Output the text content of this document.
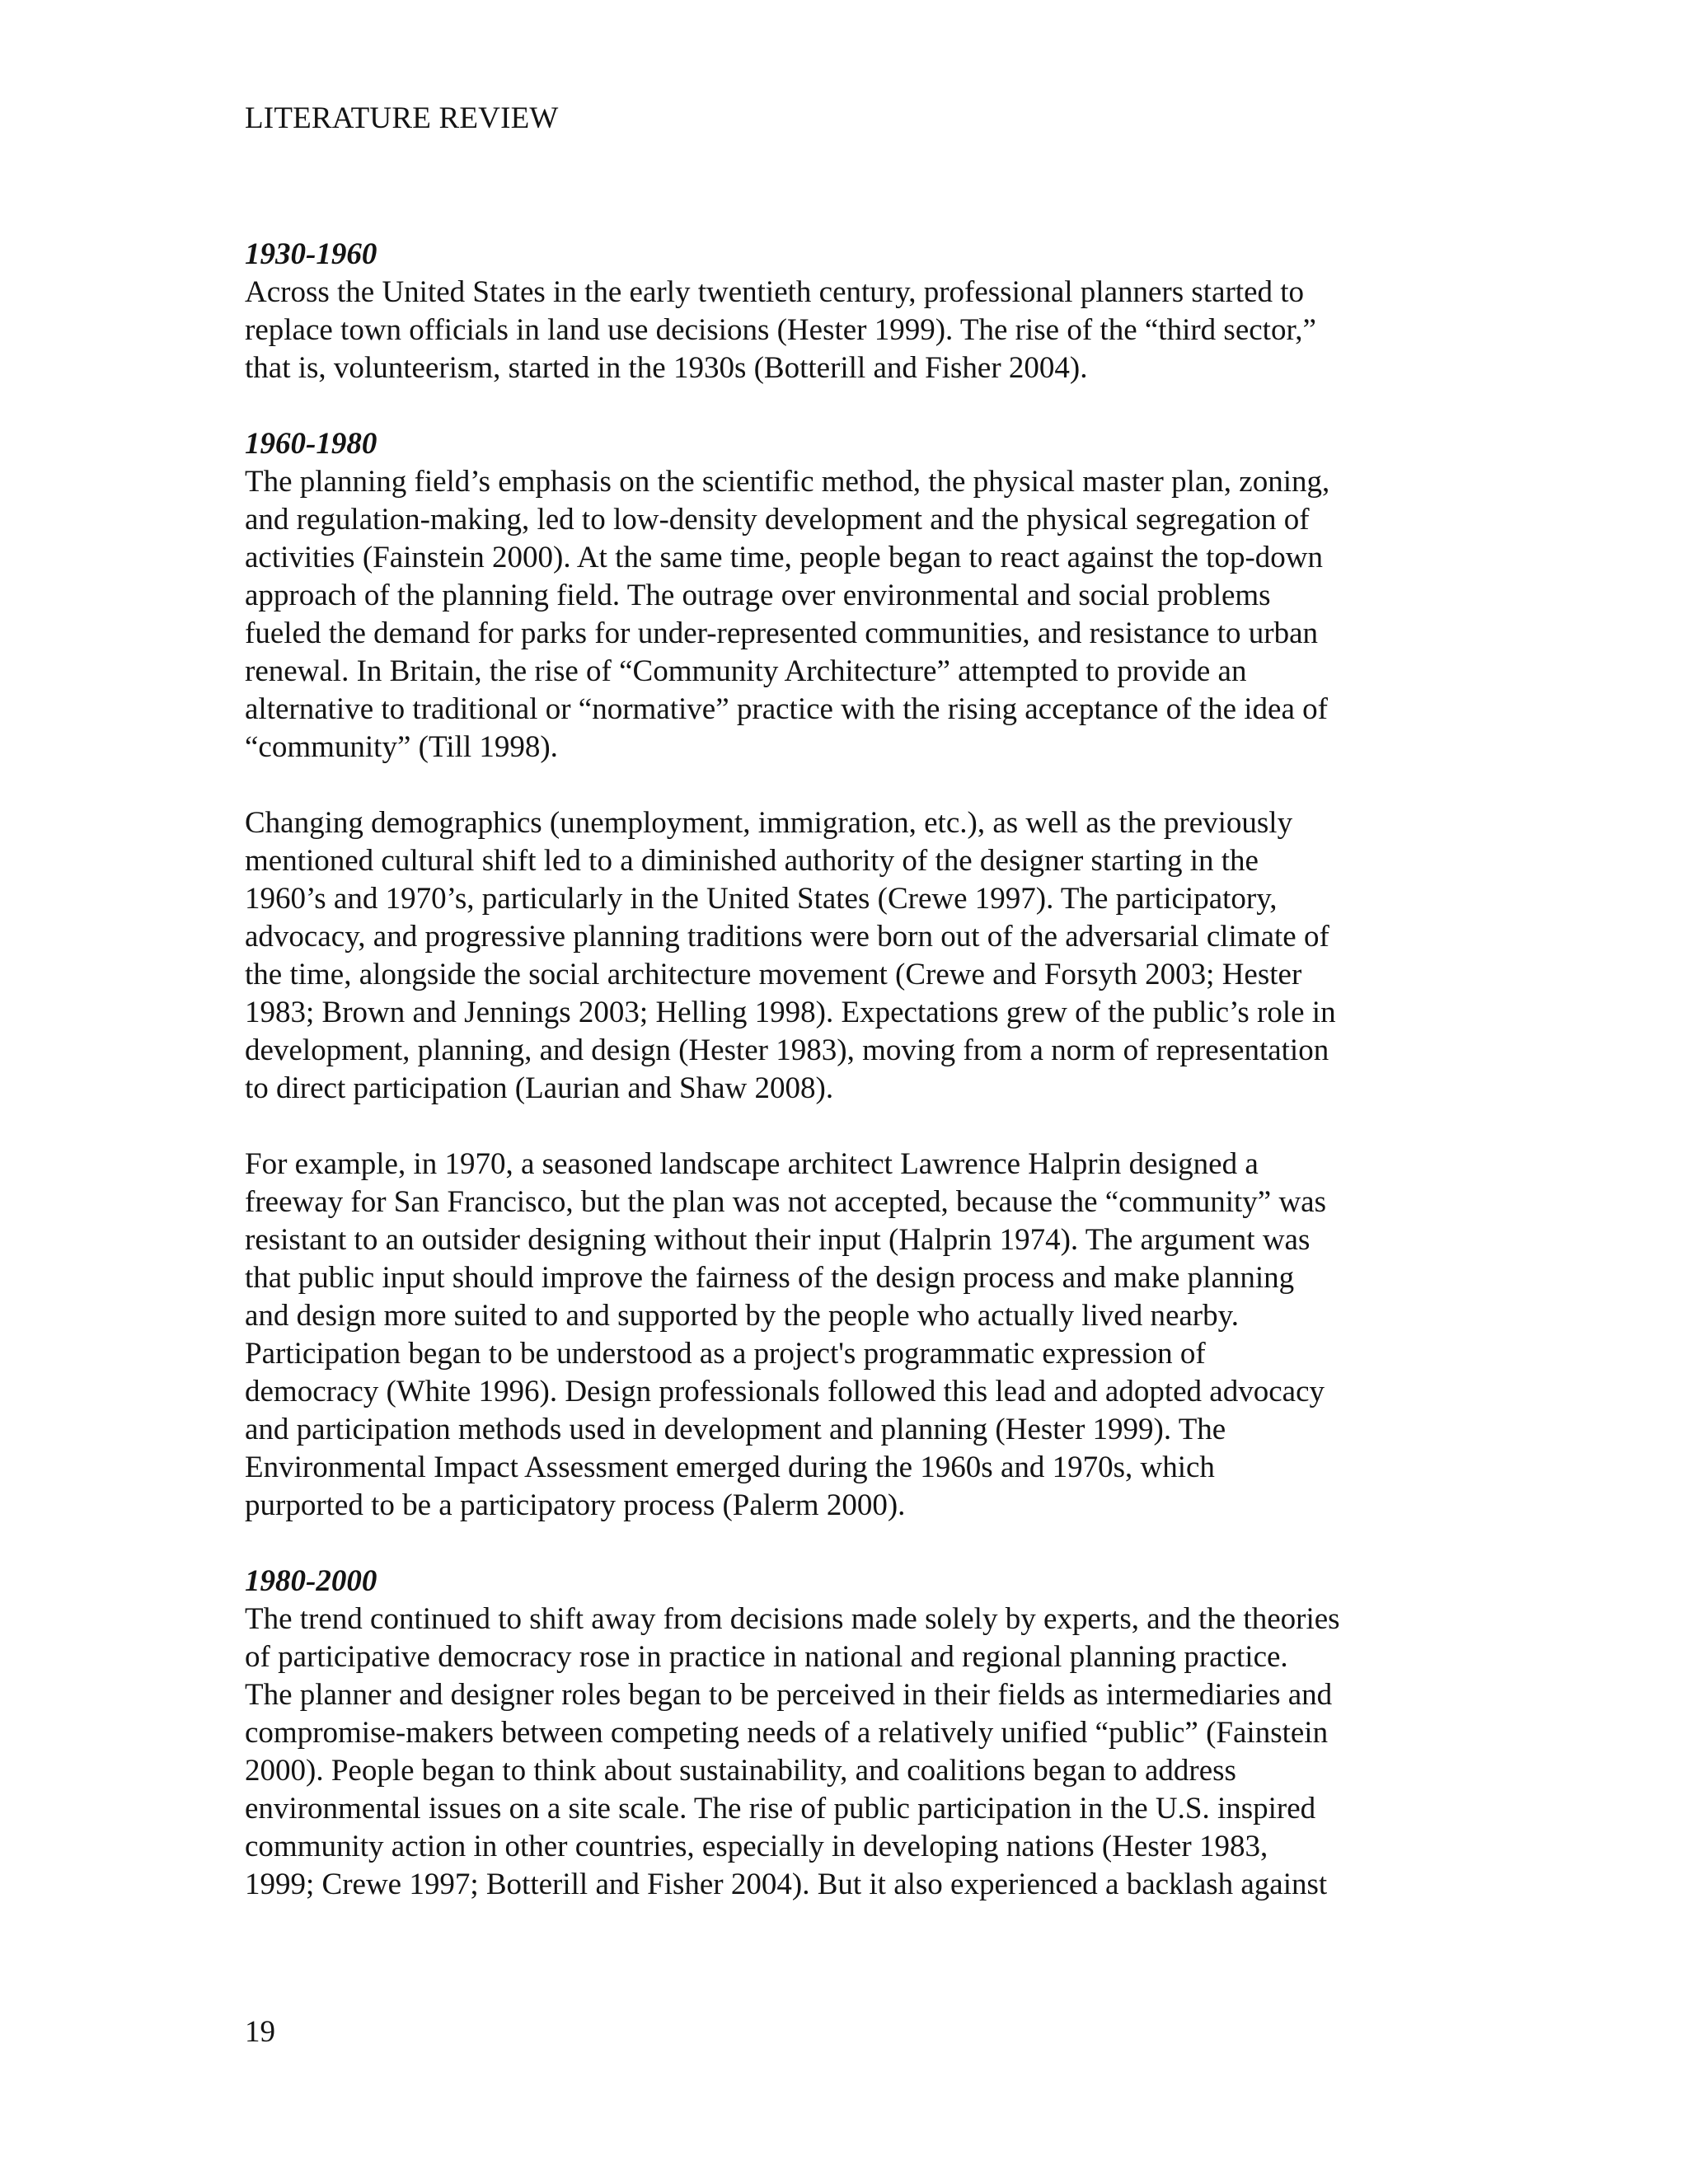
LITERATURE REVIEW
1930-1960

Across the United States in the early twentieth century, professional planners started to
replace town officials in land use decisions (Hester 1999). The rise of the “third sector,”
that is, volunteerism, started in the 1930s (Botterill and Fisher 2004).

1960-1980

The planning field’s emphasis on the scientific method, the physical master plan, zoning,
and regulation-making, led to low-density development and the physical segregation of
activities (Fainstein 2000). At the same time, people began to react against the top-down
approach of the planning field. The outrage over environmental and social problems
fueled the demand for parks for under-represented communities, and resistance to urban
renewal. In Britain, the rise of “Community Architecture” attempted to provide an
alternative to traditional or “normative” practice with the rising acceptance of the idea of
“community” (Till 1998).

Changing demographics (unemployment, immigration, etc.), as well as the previously
mentioned cultural shift led to a diminished authority of the designer starting in the
1960’s and 1970’s, particularly in the United States (Crewe 1997). The participatory,
advocacy, and progressive planning traditions were born out of the adversarial climate of
the time, alongside the social architecture movement (Crewe and Forsyth 2003; Hester
1983; Brown and Jennings 2003; Helling 1998). Expectations grew of the public’s role in
development, planning, and design (Hester 1983), moving from a norm of representation
to direct participation (Laurian and Shaw 2008).

For example, in 1970, a seasoned landscape architect Lawrence Halprin designed a
freeway for San Francisco, but the plan was not accepted, because the “community” was
resistant to an outsider designing without their input (Halprin 1974). The argument was
that public input should improve the fairness of the design process and make planning
and design more suited to and supported by the people who actually lived nearby.
Participation began to be understood as a project's programmatic expression of
democracy (White 1996). Design professionals followed this lead and adopted advocacy
and participation methods used in development and planning (Hester 1999). The
Environmental Impact Assessment emerged during the 1960s and 1970s, which
purported to be a participatory process (Palerm 2000).

1980-2000

The trend continued to shift away from decisions made solely by experts, and the theories
of participative democracy rose in practice in national and regional planning practice.
The planner and designer roles began to be perceived in their fields as intermediaries and
compromise-makers between competing needs of a relatively unified “public” (Fainstein
2000). People began to think about sustainability, and coalitions began to address
environmental issues on a site scale. The rise of public participation in the U.S. inspired
community action in other countries, especially in developing nations (Hester 1983,
1999; Crewe 1997; Botterill and Fisher 2004). But it also experienced a backlash against

19
